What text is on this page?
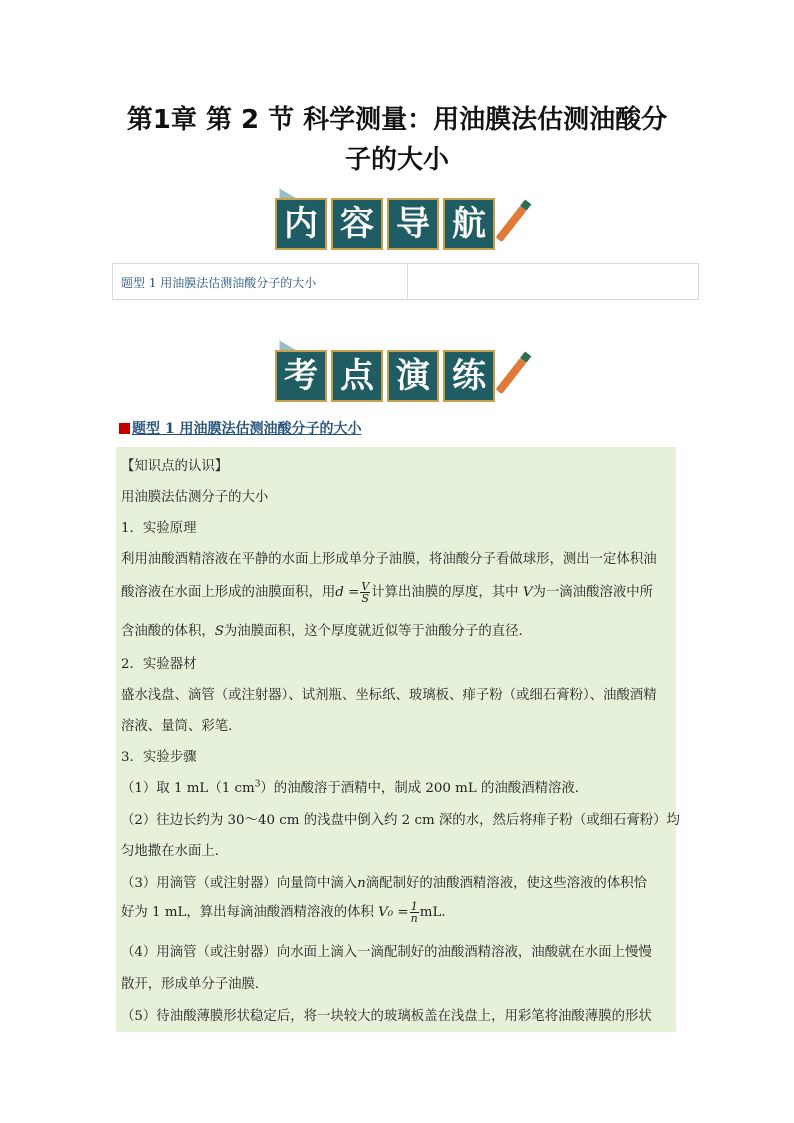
第1章 第 2 节 科学测量：用油膜法估测油酸分
子的大小
内 容 导 航
题型 1 用油膜法估测油酸分子的大小
考 点 演 练
题型 1 用油膜法估测油酸分子的大小
【知识点的认识】
用油膜法估测分子的大小
1．实验原理
利用油酸酒精溶液在平静的水面上形成单分子油膜，将油酸分子看做球形，测出一定体积油
酸溶液在水面上形成的油膜面积，用$d = \frac{V}{S}$ 计算出油膜的厚度，其中 V为一滴油酸溶液中所
含油酸的体积，S为油膜面积，这个厚度就近似等于油酸分子的直径．
2．实验器材
盛水浅盘、滴管（或注射器）、试剂瓶、坐标纸、玻璃板、痱子粉（或细石膏粉）、油酸酒精
溶液、量筒、彩笔．
3．实验步骤
（1）取 1 mL（1 $cm^3$）的油酸溶于酒精中，制成 200 mL 的油酸酒精溶液．
（2）往边长约为 30～40 cm 的浅盘中倒入约 2 cm 深的水，然后将痱子粉（或细石膏粉）均
匀地撒在水面上．
（3）用滴管（或注射器）向量筒中滴入n滴配制好的油酸酒精溶液，使这些溶液的体积恰
好为 1 mL，算出每滴油酸酒精溶液的体积 $V_0 = \frac{1}{n}$ mL．
（4）用滴管（或注射器）向水面上滴入一滴配制好的油酸酒精溶液，油酸就在水面上慢慢
散开，形成单分子油膜．
（5）待油酸薄膜形状稳定后，将一块较大的玻璃板盖在浅盘上，用彩笔将油酸薄膜的形状
